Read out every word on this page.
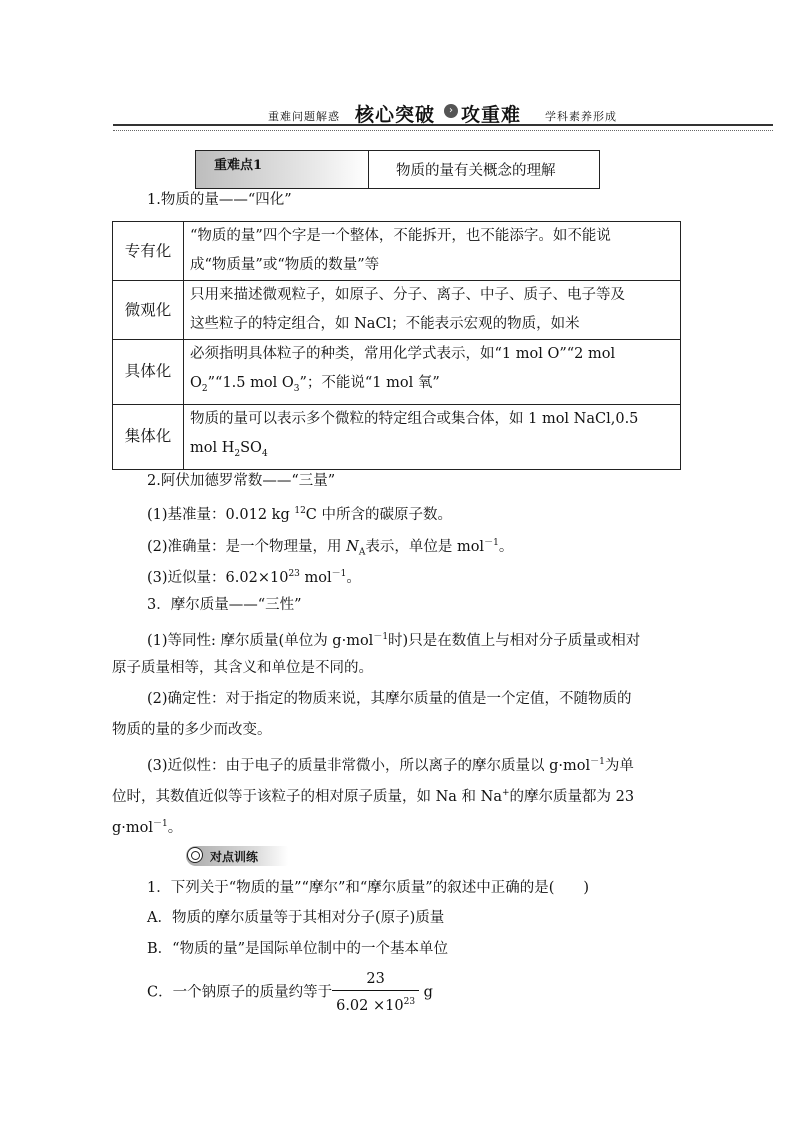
重难问题解惑 核心突破	› 攻重难 学科素养形成
重难点1	物质的量有关概念的理解
1.物质的量——“四化”
专有化	“物质的量”四个字是一个整体，不能拆开，也不能添字。如不能说
成“物质量”或“物质的数量”等

微观化	只用来描述微观粒子，如原子、分子、离子、中子、质子、电子等及
这些粒子的特定组合，如 NaCl；不能表示宏观的物质，如米

具体化	必须指明具体粒子的种类，常用化学式表示，如“1 mol O”“2 mol
$O_2”“1.5$ mol $O_3$”；不能说“1 mol 氧”

集体化	物质的量可以表示多个微粒的特定组合或集合体，如 1 mol NaCl,0.5
mol $H_2SO_4$
2.阿伏加德罗常数——“三量”
(1)基准量：0.012 kg $^{12}$C 中所含的碳原子数。
(2)准确量：是一个物理量，用 $N_A$表示，单位是 mol$^{-1}$。
(3)近似量：$6.02\times 10^{23}$ mol$^{-1}$。
3．摩尔质量——“三性”
(1)等同性: 摩尔质量(单位为 g·mol$^{-1}$时)只是在数值上与相对分子质量或相对
原子质量相等，其含义和单位是不同的。
(2)确定性：对于指定的物质来说，其摩尔质量的值是一个定值，不随物质的
物质的量的多少而改变。
(3)近似性：由于电子的质量非常微小，所以离子的摩尔质量以 g·mol$^{-1}$为单
位时，其数值近似等于该粒子的相对原子质量，如 Na 和 Na+的摩尔质量都为 23
g·mol$^{-1}$。
对点训练
1．下列关于“物质的量”“摩尔”和“摩尔质量”的叙述中正确的是(　　)
A．物质的摩尔质量等于其相对分子(原子)质量
B．“物质的量”是国际单位制中的一个基本单位
C．一个钠原子的质量约等于 $\frac{23}{6.02 \times 10^{23}}$ g
